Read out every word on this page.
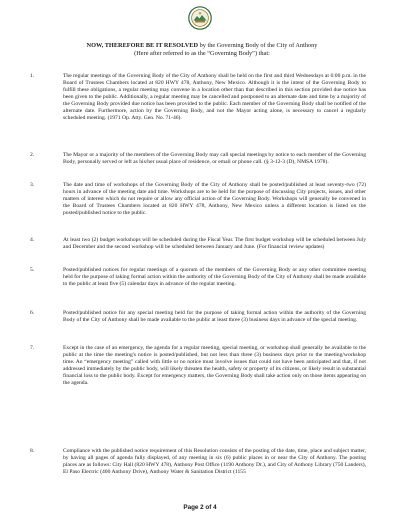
NOW, THEREFORE BE IT RESOLVED by the Governing Body of the City of Anthony
(Here after referred to as the “Governing Body”) that:
1.	The regular meetings of the Governing Body of the City of Anthony shall be held on the first and third Wednesdays at 6:00 p.m. in the Board of Trustees Chambers located at 820 HWY 478, Anthony, New Mexico. Although it is the intent of the Governing Body to fulfill these obligations, a regular meeting may convene in a location other than that described in this section provided due notice has been given to the public. Additionally, a regular meeting may be cancelled and postponed to an alternate date and time by a majority of the Governing Body provided due notice has been provided to the public. Each member of the Governing Body shall be notified of the alternate date. Furthermore, action by the Governing Body, and not the Mayor acting alone, is necessary to cancel a regularly scheduled meeting. (1971 Op. Atty. Gen. No. 71-46).
2.	The Mayor or a majority of the members of the Governing Body may call special meetings by notice to each member of the Governing Body, personally served or left as his/her usual place of residence, or email or phone call. (§ 3-12-3 (D), NMSA 1978).
3.	The date and time of workshops of the Governing Body of the City of Anthony shall be posted/published at least seventy-two (72) hours in advance of the meeting date and time. Workshops are to be held for the purpose of discussing City projects, issues, and other matters of interest which do not require or allow any official action of the Governing Body. Workshops will generally be convened in the Board of Trustees Chambers located at 820 HWY 478, Anthony, New Mexico unless a different location is listed on the posted/published notice to the public.
4.	At least two (2) budget workshops will be scheduled during the Fiscal Year. The first budget workshop will be scheduled between July and December and the second workshop will be scheduled between January and June. (For financial review updates)
5.	Posted/published notices for regular meetings of a quorum of the members of the Governing Body or any other committee meeting held for the purpose of taking formal action within the authority of the Governing Body of the City of Anthony shall be made available to the public at least five (5) calendar days in advance of the regular meeting.
6.	Posted/published notice for any special meeting held for the purpose of taking formal action within the authority of the Governing Body of the City of Anthony shall be made available to the public at least three (3) business days in advance of the special meeting.
7.	Except in the case of an emergency, the agenda for a regular meeting, special meeting, or workshop shall generally be available to the public at the time the meeting's notice is posted/published, but not less than three (3) business days prior to the meeting/workshop time. An “emergency meeting” called with little or no notice must involve issues that could not have been anticipated and that, if not addressed immediately by the public body, will likely threaten the health, safety or property of its citizens, or likely result in substantial financial loss to the public body. Except for emergency matters, the Governing Body shall take action only on those items appearing on the agenda.
8.	Compliance with the published notice requirement of this Resolution consists of the posting of the date, time, place and subject matter, by having all pages of agenda fully displayed, of any meeting in six (6) public places in or near the City of Anthony. The posting places are as follows: City Hall (820 HWY 478), Anthony Post Office (1190 Anthony Dr.), and City of Anthony Library (750 Landers), El Paso Electric (400 Anthony Drive), Anthony Water & Sanitation District (1155
Page 2 of 4
